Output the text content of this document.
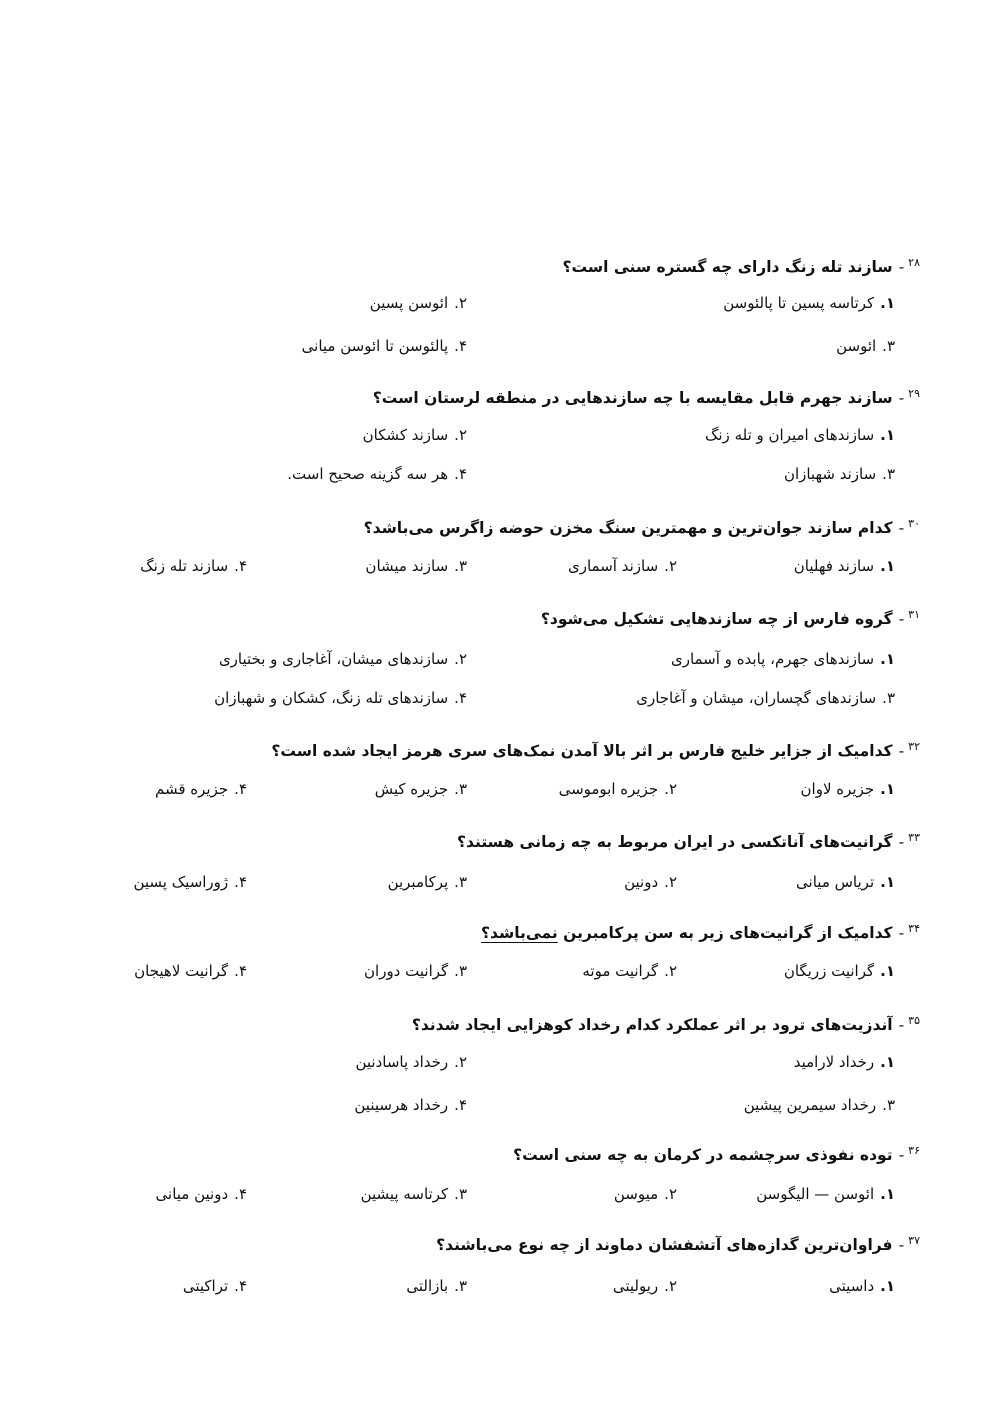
$^{۲۸}$-سازند تله زنگ دارای چه گستره سنی است؟
۱.کرتاسه پسین تا پالئوسن
۲.ائوسن پسین
۳.ائوسن
۴.پالئوسن تا ائوسن میانی
$^{۲۹}$-سازند جهرم قابل مقایسه با چه سازندهایی در منطقه لرستان است؟
۱.سازندهای امیران و تله زنگ
۲.سازند کشکان
۳.سازند شهبازان
۴.هر سه گزینه صحیح است.
$^{۳۰}$-کدام سازند جوان‌ترین و مهمترین سنگ مخزن حوضه زاگرس می‌باشد؟
۱.سازند فهلیان
۲.سازند آسماری
۳.سازند میشان
۴.سازند تله زنگ
$^{۳۱}$-گروه فارس از چه سازندهایی تشکیل می‌شود؟
۱.سازندهای جهرم، پابده و آسماری
۲.سازندهای میشان، آغاجاری و بختیاری
۳.سازندهای گچساران، میشان و آغاجاری
۴.سازندهای تله زنگ، کشکان و شهبازان
$^{۳۲}$-کدامیک از جزایر خلیج فارس بر اثر بالا آمدن نمک‌های سری هرمز ایجاد شده است؟
۱.جزیره لاوان
۲.جزیره ابوموسی
۳.جزیره کیش
۴.جزیره قشم
$^{۳۳}$-گرانیت‌های آناتکسی در ایران مربوط به چه زمانی هستند؟
۱.تریاس میانی
۲.دونین
۳.پرکامبرین
۴.ژوراسیک پسین
$^{۳۴}$-کدامیک از گرانیت‌های زیر به سن پرکامبرین نمی‌باشد؟
۱.گرانیت زریگان
۲.گرانیت موته
۳.گرانیت دوران
۴.گرانیت لاهیجان
$^{۳۵}$-آندزیت‌های ترود بر اثر عملکرد کدام رخداد کوهزایی ایجاد شدند؟
۱.رخداد لارامید
۲.رخداد پاسادنین
۳.رخداد سیمرین پیشین
۴.رخداد هرسینین
$^{۳۶}$-توده نفوذی سرچشمه در کرمان به چه سنی است؟
۱.ائوسن — الیگوسن
۲.میوسن
۳.کرتاسه پیشین
۴.دونین میانی
$^{۳۷}$-فراوان‌ترین گدازه‌های آتشفشان دماوند از چه نوع می‌باشند؟
۱.داسیتی
۲.ریولیتی
۳.بازالتی
۴.تراکیتی
